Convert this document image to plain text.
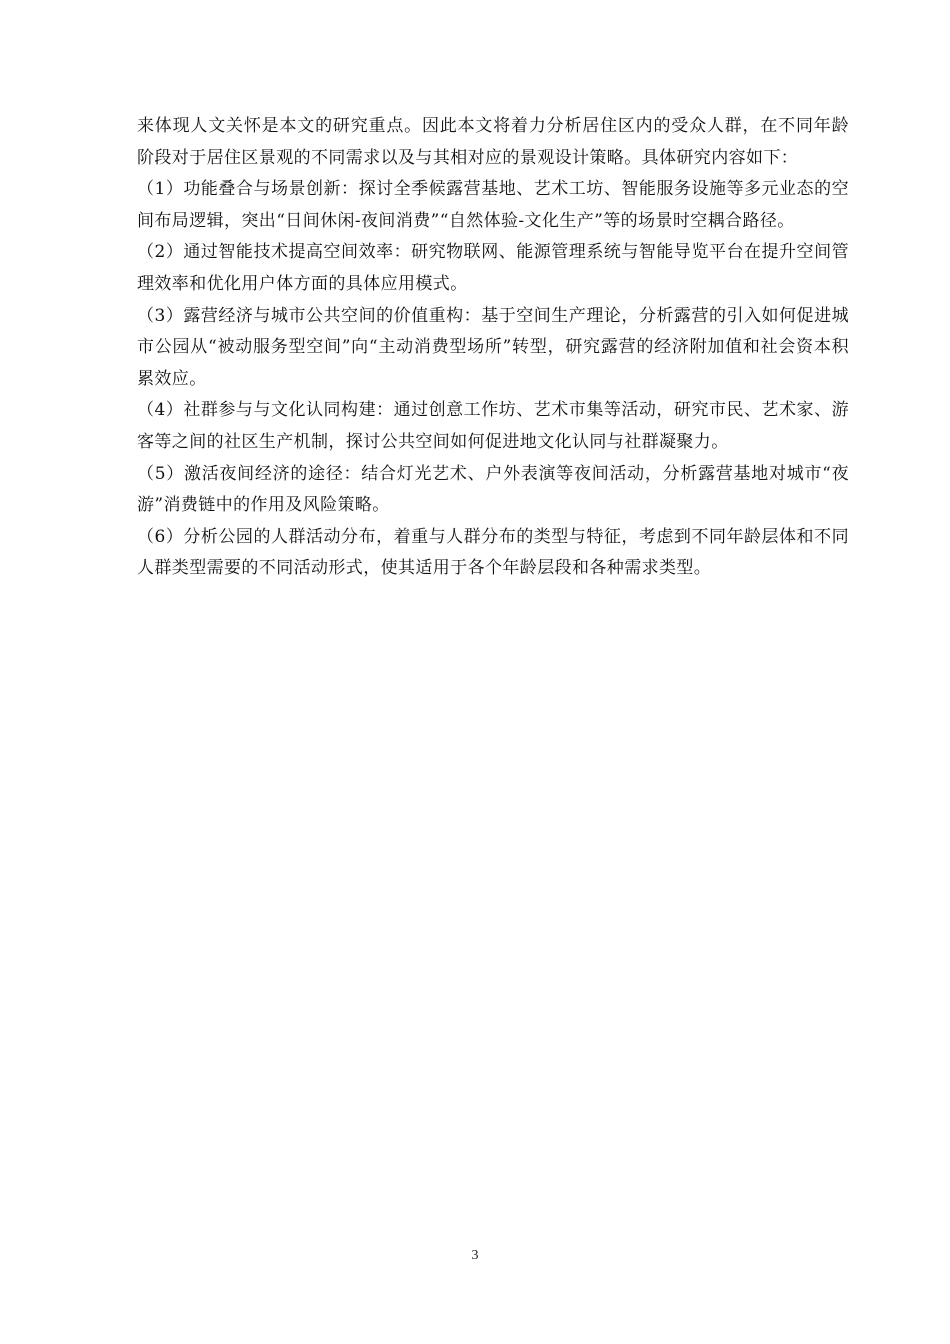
来体现人文关怀是本文的研究重点。因此本文将着力分析居住区内的受众人群，在不同年龄阶段对于居住区景观的不同需求以及与其相对应的景观设计策略。具体研究内容如下：

（1）功能叠合与场景创新：探讨全季候露营基地、艺术工坊、智能服务设施等多元业态的空间布局逻辑，突出“日间休闲-夜间消费”“自然体验-文化生产”等的场景时空耦合路径。

（2）通过智能技术提高空间效率：研究物联网、能源管理系统与智能导览平台在提升空间管理效率和优化用户体方面的具体应用模式。

（3）露营经济与城市公共空间的价值重构：基于空间生产理论，分析露营的引入如何促进城市公园从“被动服务型空间”向“主动消费型场所”转型，研究露营的经济附加值和社会资本积累效应。

（4）社群参与与文化认同构建：通过创意工作坊、艺术市集等活动，研究市民、艺术家、游客等之间的社区生产机制，探讨公共空间如何促进地文化认同与社群凝聚力。

（5）激活夜间经济的途径：结合灯光艺术、户外表演等夜间活动，分析露营基地对城市“夜游”消费链中的作用及风险策略。

（6）分析公园的人群活动分布，着重与人群分布的类型与特征，考虑到不同年龄层体和不同人群类型需要的不同活动形式，使其适用于各个年龄层段和各种需求类型。

3
